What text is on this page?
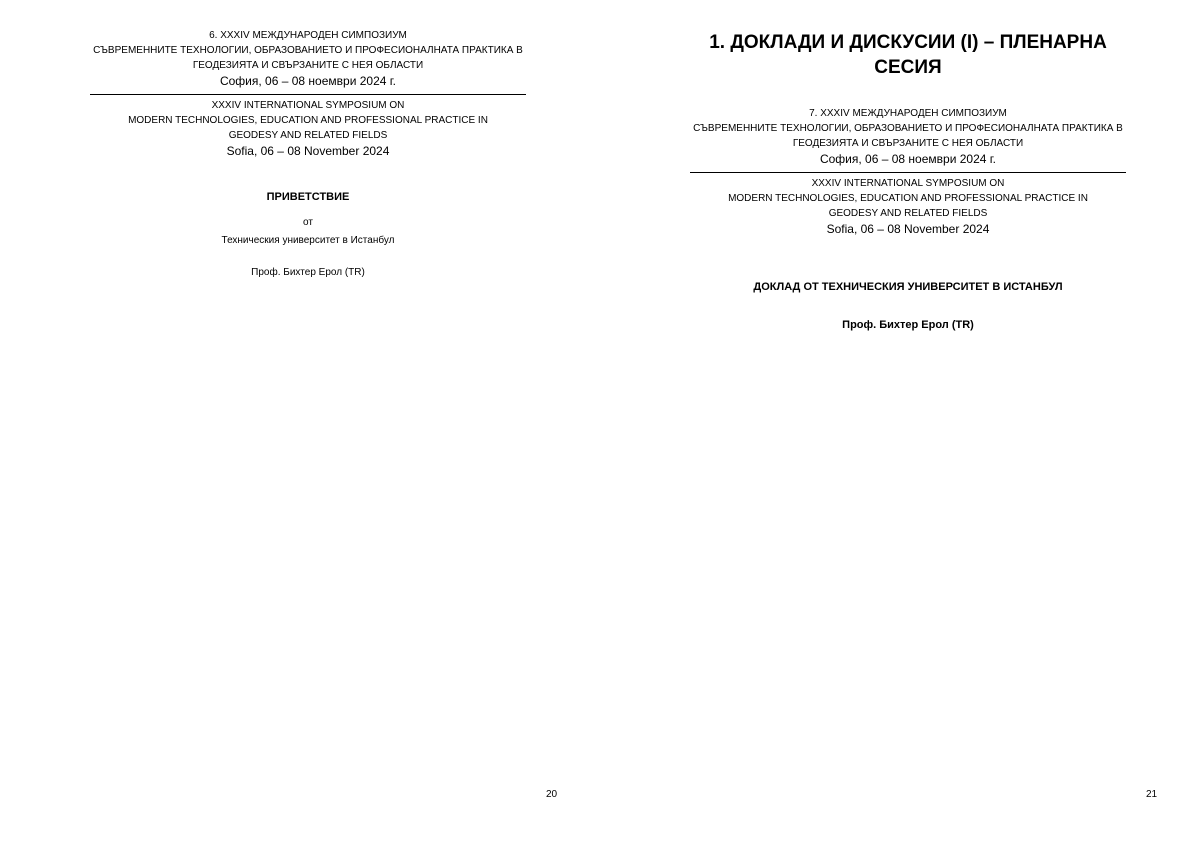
6. XXXIV МЕЖДУНАРОДЕН СИМПОЗИУМ
СЪВРЕМЕННИТЕ ТЕХНОЛОГИИ, ОБРАЗОВАНИЕТО И ПРОФЕСИОНАЛНАТА ПРАКТИКА В
ГЕОДЕЗИЯТА И СВЪРЗАНИТЕ С НЕЯ ОБЛАСТИ
София, 06 – 08 ноември 2024 г.
XXXIV INTERNATIONAL SYMPOSIUM ON
MODERN TECHNOLOGIES, EDUCATION AND PROFESSIONAL PRACTICE IN
GEODESY AND RELATED FIELDS
Sofia, 06 – 08 November 2024
ПРИВЕТСТВИЕ
от
Техническия университет в Истанбул
Проф. Бихтер Ерол (TR)
20
1. ДОКЛАДИ И ДИСКУСИИ (I) – ПЛЕНАРНА
СЕСИЯ
7. XXXIV МЕЖДУНАРОДЕН СИМПОЗИУМ
СЪВРЕМЕННИТЕ ТЕХНОЛОГИИ, ОБРАЗОВАНИЕТО И ПРОФЕСИОНАЛНАТА ПРАКТИКА В
ГЕОДЕЗИЯТА И СВЪРЗАНИТЕ С НЕЯ ОБЛАСТИ
София, 06 – 08 ноември 2024 г.
XXXIV INTERNATIONAL SYMPOSIUM ON
MODERN TECHNOLOGIES, EDUCATION AND PROFESSIONAL PRACTICE IN
GEODESY AND RELATED FIELDS
Sofia, 06 – 08 November 2024
ДОКЛАД ОТ ТЕХНИЧЕСКИЯ УНИВЕРСИТЕТ В ИСТАНБУЛ
Проф. Бихтер Ерол (TR)
21
